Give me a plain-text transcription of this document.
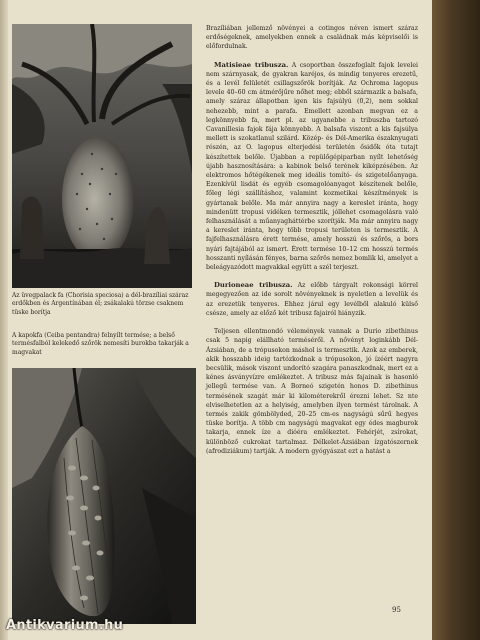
Az üvegpalack fa (Chorisia speciosa) a dél-brazíliai száraz erdőkben és Argentínában él; zsákalakú törzse csaknem tüske borítja

A kapokfa (Ceiba pentandra) felnyílt termése; a belső termésfalból kelekedő szőrök nemesíti burokba takarják a magvakat

Brazíliában jellemző növényei a cotingos néven ismert száraz erdőségeknek, amelyekben ennek a családnak más képviselői is előfordulnak.

Matisieae tribusza. A csoportban összefoglalt fajok levelei nem szárnyasak, de gyakran karéjos, és mindig tenyeres erezetű, és a levél felületét csillagszőrök borítják. Az Ochroma lagopus levele 40–60 cm átmérőjűre nőhet meg; ebből származik a balsafa, amely száraz állapotban igen kis fajsúlyú (0,2), nem sokkal nehezebb, mint a parafa. Emellett azonban megvan ez a legkönnyebb fa, mert pl. az ugyanebbe a tribuszba tartozó Cavanillesia fajok fája könnyebb. A balsafa viszont a kis fajsúlya mellett is szokatlanul szilárd. Közép- és Dél-Amerika északnyugati részén, az O. lagopus elterjedési területén ősidők óta tutajt készítettek belőle. Újabban a repülőgépiparban nyílt lehetőség újabb hasznosítására: a kabinok belső terének kiképzésében. Az elektromos hőtégékenek meg ideális tomító- és szigetelőanyaga. Ezenkívül lisdát és egyéb csomagolóanyagot készítenek belőle, főleg légi szállításhoz, valamint kozmetikai készítmények is gyártanak belőle. Ma már annyira nagy a kereslet iránta, hogy mindenütt tropusi vidéken termesztik, jóllehet csomagolásra való felhasználását a műanyagháttérbe szorítják. Ma már annyira nagy a kereslet iránta, hogy több tropusi területen is termesztik. A fajfelhasználásra érett termése, amely hosszú és szőrös, a bors nyári fajtájából az ismert. Érett termése 10–12 cm hosszú termés hosszanti nyílásán fényes, barna szőrös nemez bomlik ki, amelyet a beleágyazódott magvakkal együtt a szél terjeszt.

Durioneae tribusza. Az előbb tárgyalt rokonsági körrel megegyezően az ide sorolt növényeknek is nyeletlen a levelük és az erezetük tenyeres. Ehhez járul egy levélből alakuló külső csésze, amely az előző két tribusz fajairól hiányzik.

Teljesen ellentmondó vélemények vannak a Durio zibethinus csak 5 napig elállható terméséről. A nővényt loginkább Dél-Ázsiában, de a trópusokon máshol is termesztik. Azok az emberek, akik hosszabb ideig tartózkodnak a trópusokon, jó ízéért nagyra becsülik, mások viszont undorító szagára panaszkodnak, mert ez a kénes ásványvízre emlékeztet. A tribusz más fajainak is hasonló jellegű termése van. A Borneó szigetén honos D. zibethinus termésének szagát már ki kilométerekről érezni lehet. Sz nte elviselhetetlen az a helyiség, amelyben ilyen termést tárolnak. A termés zakik gömbölyded, 20–25 cm-es nagyságú sűrű hegyes tüske borítja. A több cm nagyságú magvakat egy édes magburok takarja, ennek íze a dióéra emlékeztet. Fehérjét, zsírokat, különböző cukrokat tartalmaz. Délkelet-Ázsiában ízgatószernek (afrodiziákum) tartják. A modern gyógyászat ezt a hatást a

95
Antikvarium.hu
